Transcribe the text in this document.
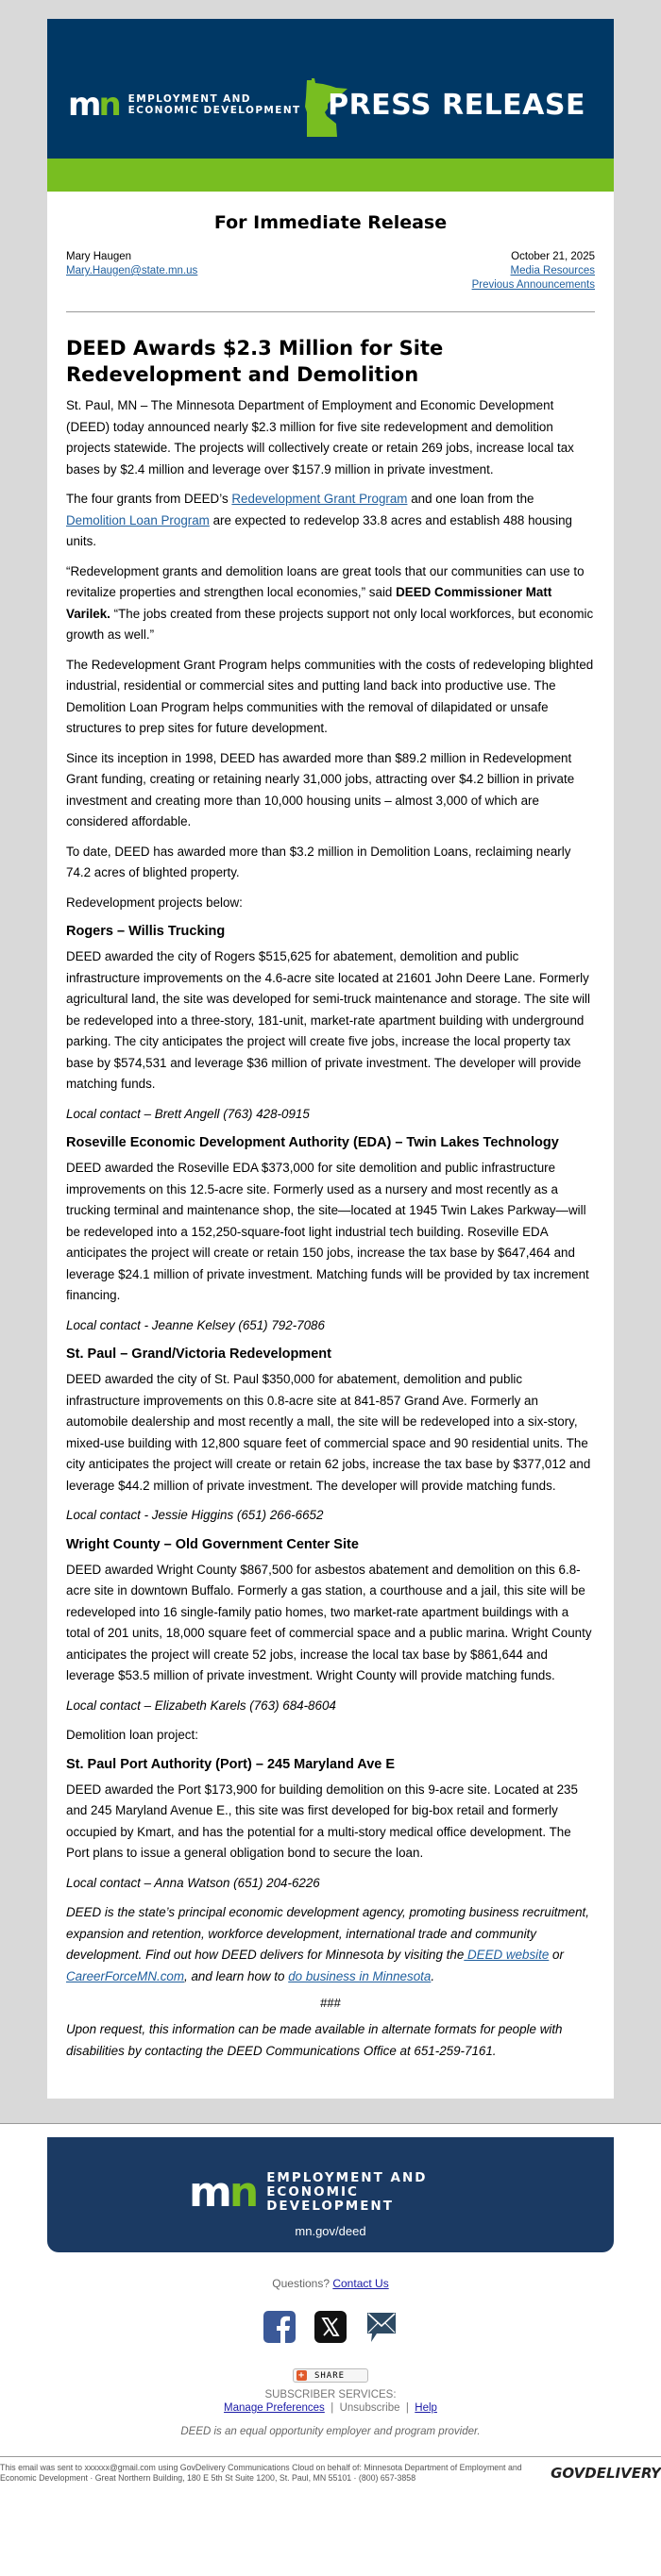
m n EMPLOYMENT AND
ECONOMIC DEVELOPMENT PRESS RELEASE
For Immediate Release
Mary Haugen
Mary.Haugen@state.mn.us
October 21, 2025
Media Resources
Previous Announcements
DEED Awards $2.3 Million for Site Redevelopment and Demolition

St. Paul, MN – The Minnesota Department of Employment and Economic Development (DEED) today announced nearly $2.3 million for five site redevelopment and demolition projects statewide. The projects will collectively create or retain 269 jobs, increase local tax bases by $2.4 million and leverage over $157.9 million in private investment.

The four grants from DEED’s Redevelopment Grant Program and one loan from the Demolition Loan Program are expected to redevelop 33.8 acres and establish 488 housing units.

“Redevelopment grants and demolition loans are great tools that our communities can use to revitalize properties and strengthen local economies,” said DEED Commissioner Matt Varilek. “The jobs created from these projects support not only local workforces, but economic growth as well.”

The Redevelopment Grant Program helps communities with the costs of redeveloping blighted industrial, residential or commercial sites and putting land back into productive use. The Demolition Loan Program helps communities with the removal of dilapidated or unsafe structures to prep sites for future development.

Since its inception in 1998, DEED has awarded more than $89.2 million in Redevelopment Grant funding, creating or retaining nearly 31,000 jobs, attracting over $4.2 billion in private investment and creating more than 10,000 housing units – almost 3,000 of which are considered affordable.

To date, DEED has awarded more than $3.2 million in Demolition Loans, reclaiming nearly 74.2 acres of blighted property.

Redevelopment projects below:

Rogers – Willis Trucking

DEED awarded the city of Rogers $515,625 for abatement, demolition and public infrastructure improvements on the 4.6-acre site located at 21601 John Deere Lane. Formerly agricultural land, the site was developed for semi-truck maintenance and storage. The site will be redeveloped into a three-story, 181-unit, market-rate apartment building with underground parking. The city anticipates the project will create five jobs, increase the local property tax base by $574,531 and leverage $36 million of private investment. The developer will provide matching funds.

Local contact – Brett Angell (763) 428-0915

Roseville Economic Development Authority (EDA) – Twin Lakes Technology

DEED awarded the Roseville EDA $373,000 for site demolition and public infrastructure improvements on this 12.5-acre site. Formerly used as a nursery and most recently as a trucking terminal and maintenance shop, the site—located at 1945 Twin Lakes Parkway—will be redeveloped into a 152,250-square-foot light industrial tech building. Roseville EDA anticipates the project will create or retain 150 jobs, increase the tax base by $647,464 and leverage $24.1 million of private investment. Matching funds will be provided by tax increment financing.

Local contact - Jeanne Kelsey (651) 792-7086

St. Paul – Grand/Victoria Redevelopment

DEED awarded the city of St. Paul $350,000 for abatement, demolition and public infrastructure improvements on this 0.8-acre site at 841-857 Grand Ave. Formerly an automobile dealership and most recently a mall, the site will be redeveloped into a six-story, mixed-use building with 12,800 square feet of commercial space and 90 residential units. The city anticipates the project will create or retain 62 jobs, increase the tax base by $377,012 and leverage $44.2 million of private investment. The developer will provide matching funds.

Local contact - Jessie Higgins (651) 266-6652

Wright County – Old Government Center Site

DEED awarded Wright County $867,500 for asbestos abatement and demolition on this 6.8-acre site in downtown Buffalo. Formerly a gas station, a courthouse and a jail, this site will be redeveloped into 16 single-family patio homes, two market-rate apartment buildings with a total of 201 units, 18,000 square feet of commercial space and a public marina. Wright County anticipates the project will create 52 jobs, increase the local tax base by $861,644 and leverage $53.5 million of private investment. Wright County will provide matching funds.

Local contact – Elizabeth Karels (763) 684-8604

Demolition loan project:

St. Paul Port Authority (Port) – 245 Maryland Ave E

DEED awarded the Port $173,900 for building demolition on this 9-acre site. Located at 235 and 245 Maryland Avenue E., this site was first developed for big-box retail and formerly occupied by Kmart, and has the potential for a multi-story medical office development. The Port plans to issue a general obligation bond to secure the loan.

Local contact – Anna Watson (651) 204-6226

DEED is the state’s principal economic development agency, promoting business recruitment, expansion and retention, workforce development, international trade and community development. Find out how DEED delivers for Minnesota by visiting the DEED website or CareerForceMN.com, and learn how to do business in Minnesota.

###

Upon request, this information can be made available in alternate formats for people with disabilities by contacting the DEED Communications Office at 651-259-7161.

m n EMPLOYMENT AND
ECONOMIC DEVELOPMENT
mn.gov/deed
Questions? Contact Us
+ SHARE
SUBSCRIBER SERVICES:
Manage Preferences | Unsubscribe | Help
DEED is an equal opportunity employer and program provider.
This email was sent to xxxxxx@gmail.com using GovDelivery Communications Cloud on behalf of: Minnesota Department of Employment and Economic Development · Great Northern Building, 180 E 5th St Suite 1200, St. Paul, MN 55101 · (800) 657-3858	GOVDELIVERY
